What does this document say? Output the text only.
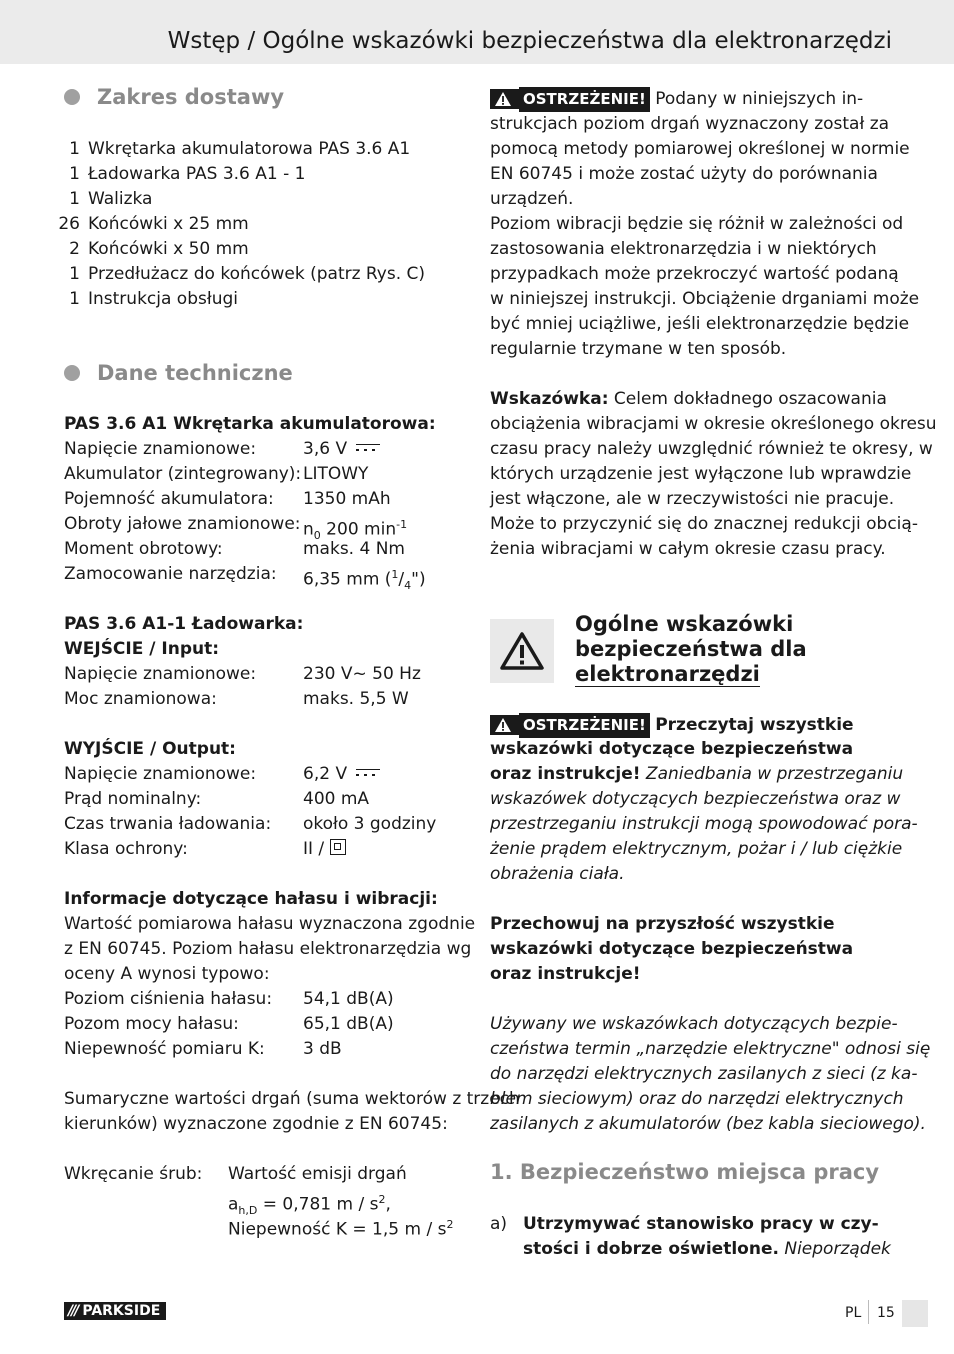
Wstęp / Ogólne wskazówki bezpieczeństwa dla elektronarzędzi
Zakres dostawy
1 Wkrętarka akumulatorowa PAS 3.6 A1
1 Ładowarka PAS 3.6 A1 - 1
1 Walizka
26 Końcówki x 25 mm
2 Końcówki x 50 mm
1 Przedłużacz do końcówek (patrz Rys. C)
1 Instrukcja obsługi
Dane techniczne
PAS 3.6 A1 Wkrętarka akumulatorowa:
Napięcie znamionowe:	3,6 V
Akumulator (zintegrowany): LITOWY
Pojemność akumulatora: 1350 mAh
Obroty jałowe znamionowe: $n_0$ 200 $\min^{-1}$
Moment obrotowy:	maks. 4 Nm
Zamocowanie narzędzia: 6,35 mm $(^1/_4")$
PAS 3.6 A1-1 Ładowarka:
WEJŚCIE / Input:
Napięcie znamionowe:	230 V~ 50 Hz
Moc znamionowa:	maks. 5,5 W
WYJŚCIE / Output:
Napięcie znamionowe:	6,2 V
Prąd nominalny:	400 mA
Czas trwania ładowania: około 3 godziny
Klasa ochrony:	II /
Informacje dotyczące hałasu i wibracji:
Wartość pomiarowa hałasu wyznaczona zgodnie
z EN 60745. Poziom hałasu elektronarzędzia wg
oceny A wynosi typowo:
Poziom ciśnienia hałasu: 54,1 dB(A)
Pozom mocy hałasu:	65,1 dB(A)
Niepewność pomiaru K: 3 dB
Sumaryczne wartości drgań (suma wektorów z trzech
kierunków) wyznaczone zgodnie z EN 60745:
Wkręcanie śrub: Wartość emisji drgań
$a_{h,D} = 0,781$ m / $s^2$,
Niepewność K = 1,5 m / $s^2$
OSTRZEŻENIE! Podany w niniejszych in-
strukcjach poziom drgań wyznaczony został za
pomocą metody pomiarowej określonej w normie
EN 60745 i może zostać użyty do porównania
urządzeń.
Poziom wibracji będzie się różnił w zależności od
zastosowania elektronarzędzia i w niektórych
przypadkach może przekroczyć wartość podaną
w niniejszej instrukcji. Obciążenie drganiami może
być mniej uciążliwe, jeśli elektronarzędzie będzie
regularnie trzymane w ten sposób.
Wskazówka: Celem dokładnego oszacowania
obciążenia wibracjami w okresie określonego okresu
czasu pracy należy uwzględnić również te okresy, w
których urządzenie jest wyłączone lub wprawdzie
jest włączone, ale w rzeczywistości nie pracuje.
Może to przyczynić się do znacznej redukcji obcią-
żenia wibracjami w całym okresie czasu pracy.
Ogólne wskazówki
bezpieczeństwa dla
elektronarzędzi
OSTRZEŻENIE! Przeczytaj wszystkie
wskazówki dotyczące bezpieczeństwa
oraz instrukcje! Zaniedbania w przestrzeganiu
wskazówek dotyczących bezpieczeństwa oraz w
przestrzeganiu instrukcji mogą spowodować pora-
żenie prądem elektrycznym, pożar i / lub ciężkie
obrażenia ciała.
Przechowuj na przyszłość wszystkie
wskazówki dotyczące bezpieczeństwa
oraz instrukcje!
Używany we wskazówkach dotyczących bezpie-
czeństwa termin „narzędzie elektryczne" odnosi się
do narzędzi elektrycznych zasilanych z sieci (z ka-
blem sieciowym) oraz do narzędzi elektrycznych
zasilanych z akumulatorów (bez kabla sieciowego).
1. Bezpieczeństwo miejsca pracy
a) Utrzymywać stanowisko pracy w czy-
stości i dobrze oświetlone. Nieporządek
/// PARKSIDE	PL 15
